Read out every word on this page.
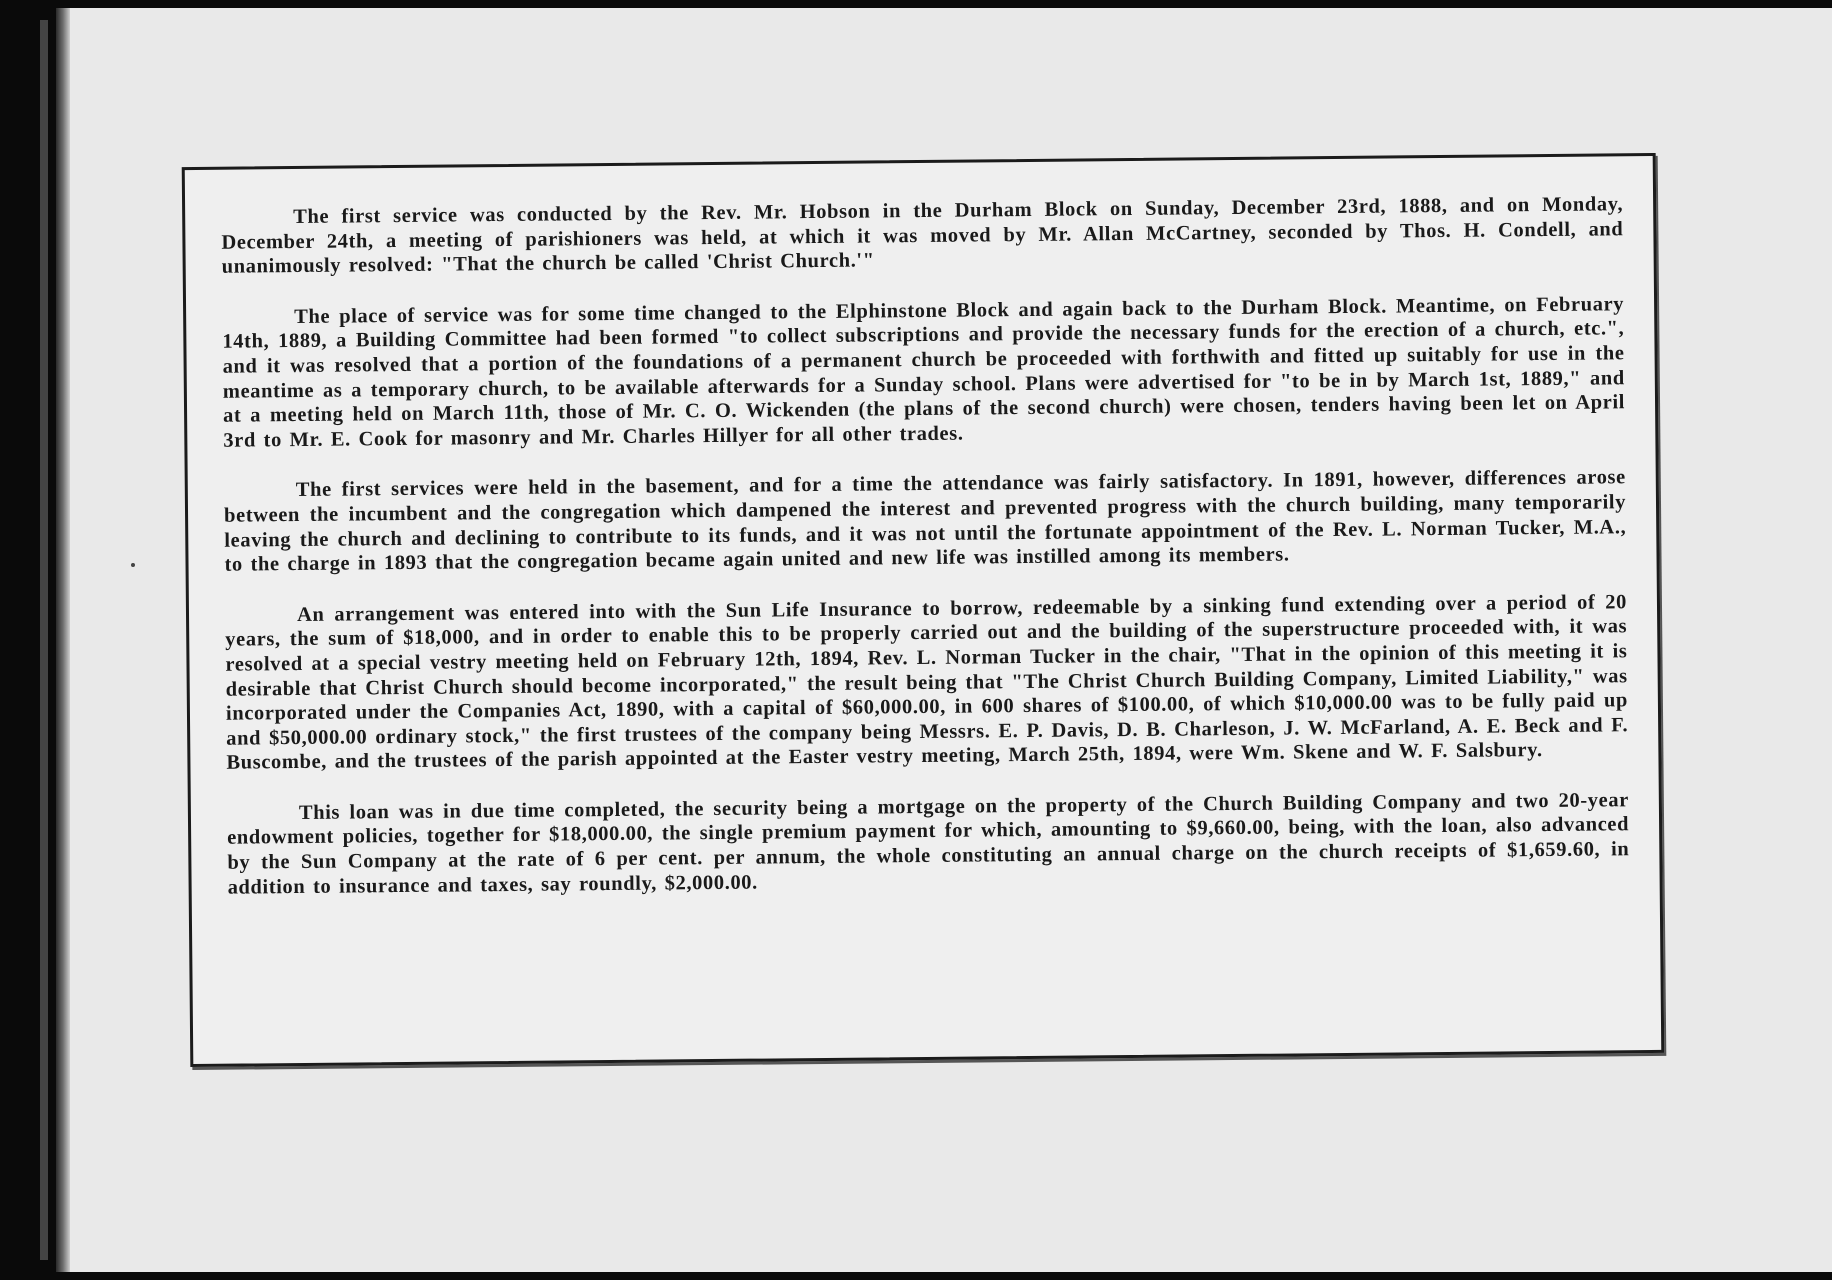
The first service was conducted by the Rev. Mr. Hobson in the Durham Block on Sunday, December 23rd, 1888, and on Monday, December 24th, a meeting of parishioners was held, at which it was moved by Mr. Allan McCartney, seconded by Thos. H. Condell, and unanimously resolved: "That the church be called 'Christ Church.'"

The place of service was for some time changed to the Elphinstone Block and again back to the Durham Block. Meantime, on February 14th, 1889, a Building Committee had been formed "to collect subscriptions and provide the necessary funds for the erection of a church, etc.", and it was resolved that a portion of the foundations of a permanent church be proceeded with forthwith and fitted up suitably for use in the meantime as a temporary church, to be available afterwards for a Sunday school. Plans were advertised for "to be in by March 1st, 1889," and at a meeting held on March 11th, those of Mr. C. O. Wickenden (the plans of the second church) were chosen, tenders having been let on April 3rd to Mr. E. Cook for masonry and Mr. Charles Hillyer for all other trades.

The first services were held in the basement, and for a time the attendance was fairly satisfactory. In 1891, however, differences arose between the incumbent and the congregation which dampened the interest and prevented progress with the church building, many temporarily leaving the church and declining to contribute to its funds, and it was not until the fortunate appointment of the Rev. L. Norman Tucker, M.A., to the charge in 1893 that the congregation became again united and new life was instilled among its members.

An arrangement was entered into with the Sun Life Insurance to borrow, redeemable by a sinking fund extending over a period of 20 years, the sum of $18,000, and in order to enable this to be properly carried out and the building of the superstructure proceeded with, it was resolved at a special vestry meeting held on February 12th, 1894, Rev. L. Norman Tucker in the chair, "That in the opinion of this meeting it is desirable that Christ Church should become incorporated," the result being that "The Christ Church Building Company, Limited Liability," was incorporated under the Companies Act, 1890, with a capital of $60,000.00, in 600 shares of $100.00, of which $10,000.00 was to be fully paid up and $50,000.00 ordinary stock," the first trustees of the company being Messrs. E. P. Davis, D. B. Charleson, J. W. McFarland, A. E. Beck and F. Buscombe, and the trustees of the parish appointed at the Easter vestry meeting, March 25th, 1894, were Wm. Skene and W. F. Salsbury.

This loan was in due time completed, the security being a mortgage on the property of the Church Building Company and two 20-year endowment policies, together for $18,000.00, the single premium payment for which, amounting to $9,660.00, being, with the loan, also advanced by the Sun Company at the rate of 6 per cent. per annum, the whole constituting an annual charge on the church receipts of $1,659.60, in addition to insurance and taxes, say roundly, $2,000.00.
